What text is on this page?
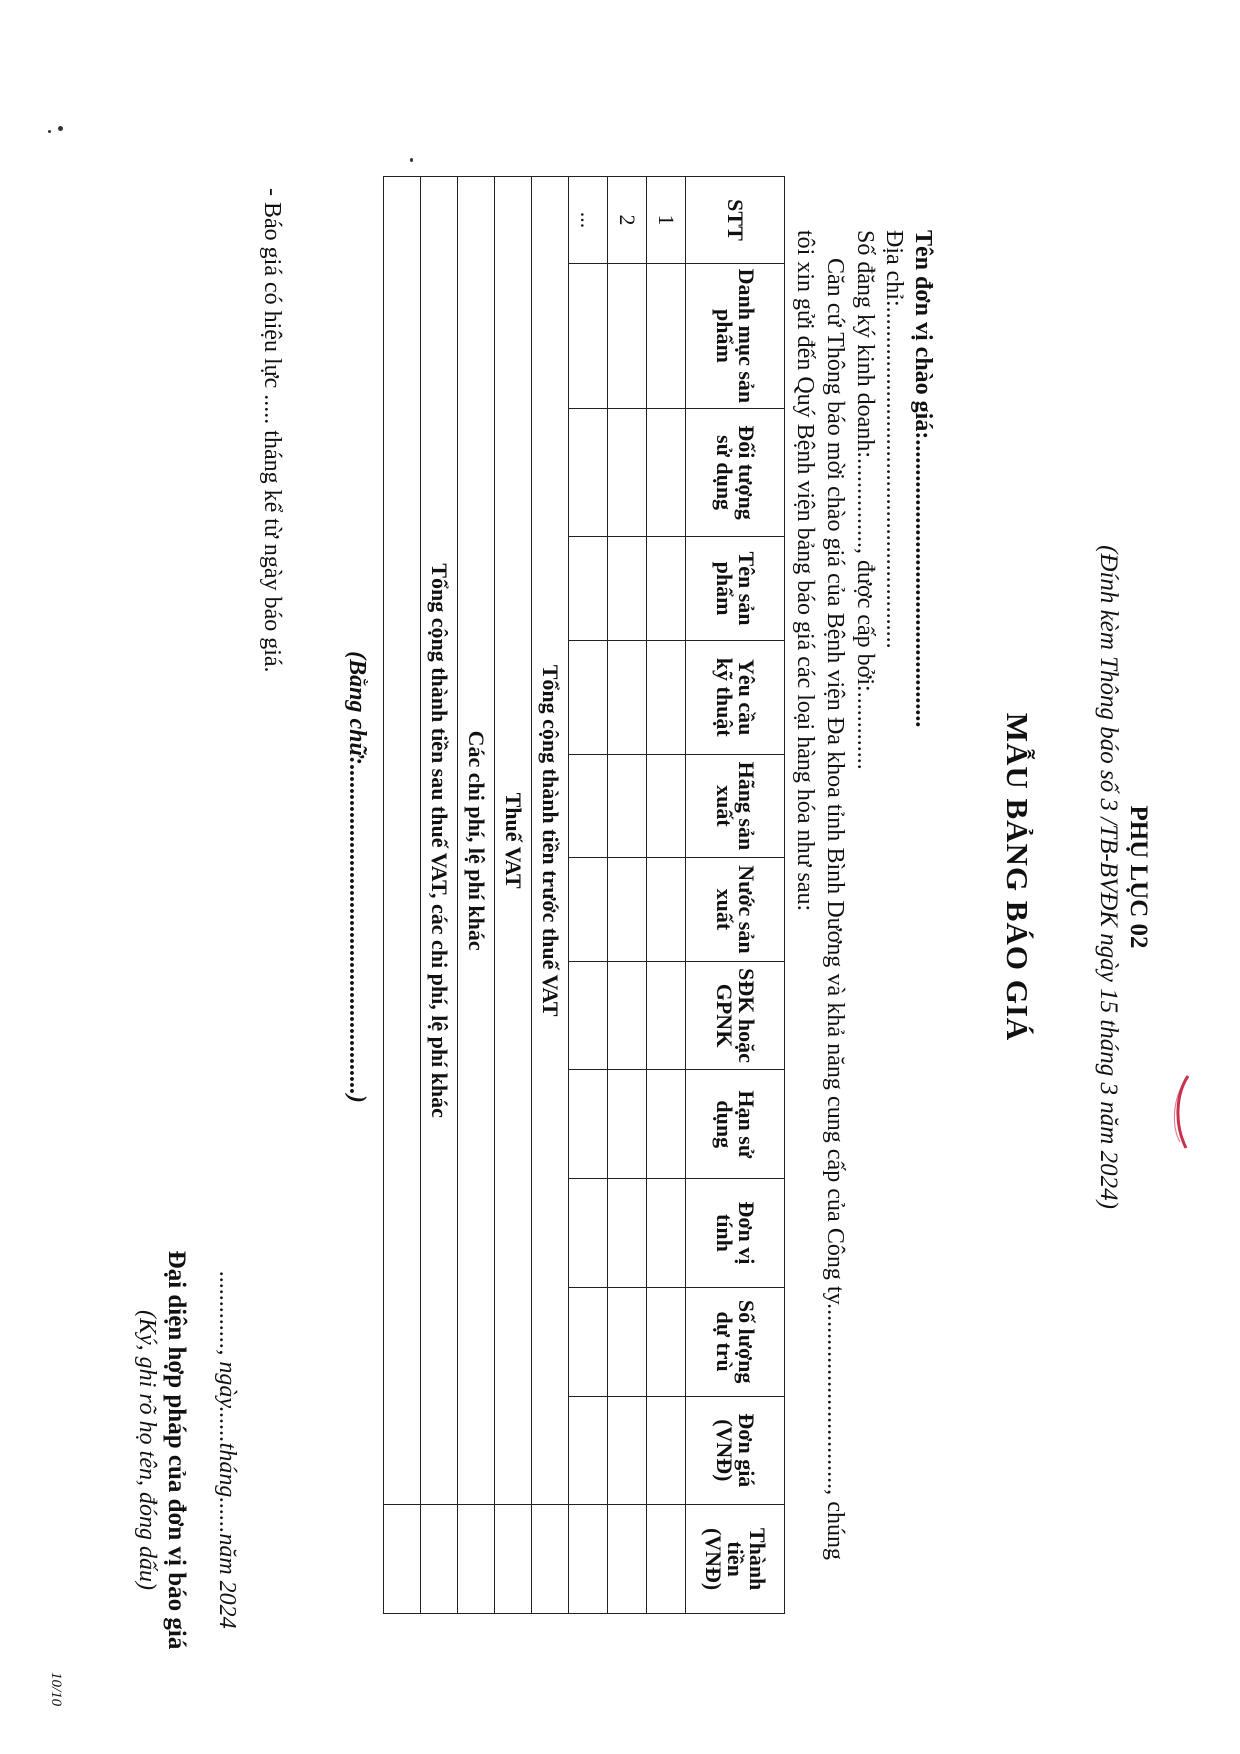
PHỤ LỤC 02
(Đính kèm Thông báo số 3 /TB-BVĐK ngày 15 tháng 3 năm 2024)
MẪU BẢNG BÁO GIÁ
Tên đơn vị chào giá:................................................
Địa chỉ:.........................................................
Số đăng ký kinh doanh:..............., được cấp bởi:.............
Căn cứ Thông báo mời chào giá của Bệnh viện Đa khoa tỉnh Bình Dương và khả năng cung cấp của Công ty..............................., chúng tôi xin gửi đến Quý Bệnh viện bảng báo giá các loại hàng hóa như sau:
STT	Danh mục sản phẩm	Đối tượng sử dụng	Tên sản phẩm	Yêu cầu kỹ thuật	Hãng sản xuất	Nước sản xuất	SĐK hoặc GPNK	Hạn sử dụng	Đơn vị tính	Số lượng dự trù	Đơn giá (VNĐ)	Thành tiền (VNĐ)
1												
2												
...												
Tổng cộng thành tiền trước thuế VAT												
Thuế VAT												
Các chi phí, lệ phí khác												
Tổng cộng thành tiền sau thuế VAT, các chi phí, lệ phí khác												

(Bằng chữ:.......................................................)
- Báo giá có hiệu lực ..... tháng kể từ ngày báo giá.
............., ngày......tháng......năm 2024
Đại diện hợp pháp của đơn vị báo giá
(Ký, ghi rõ họ tên, đóng dấu)
10/10
